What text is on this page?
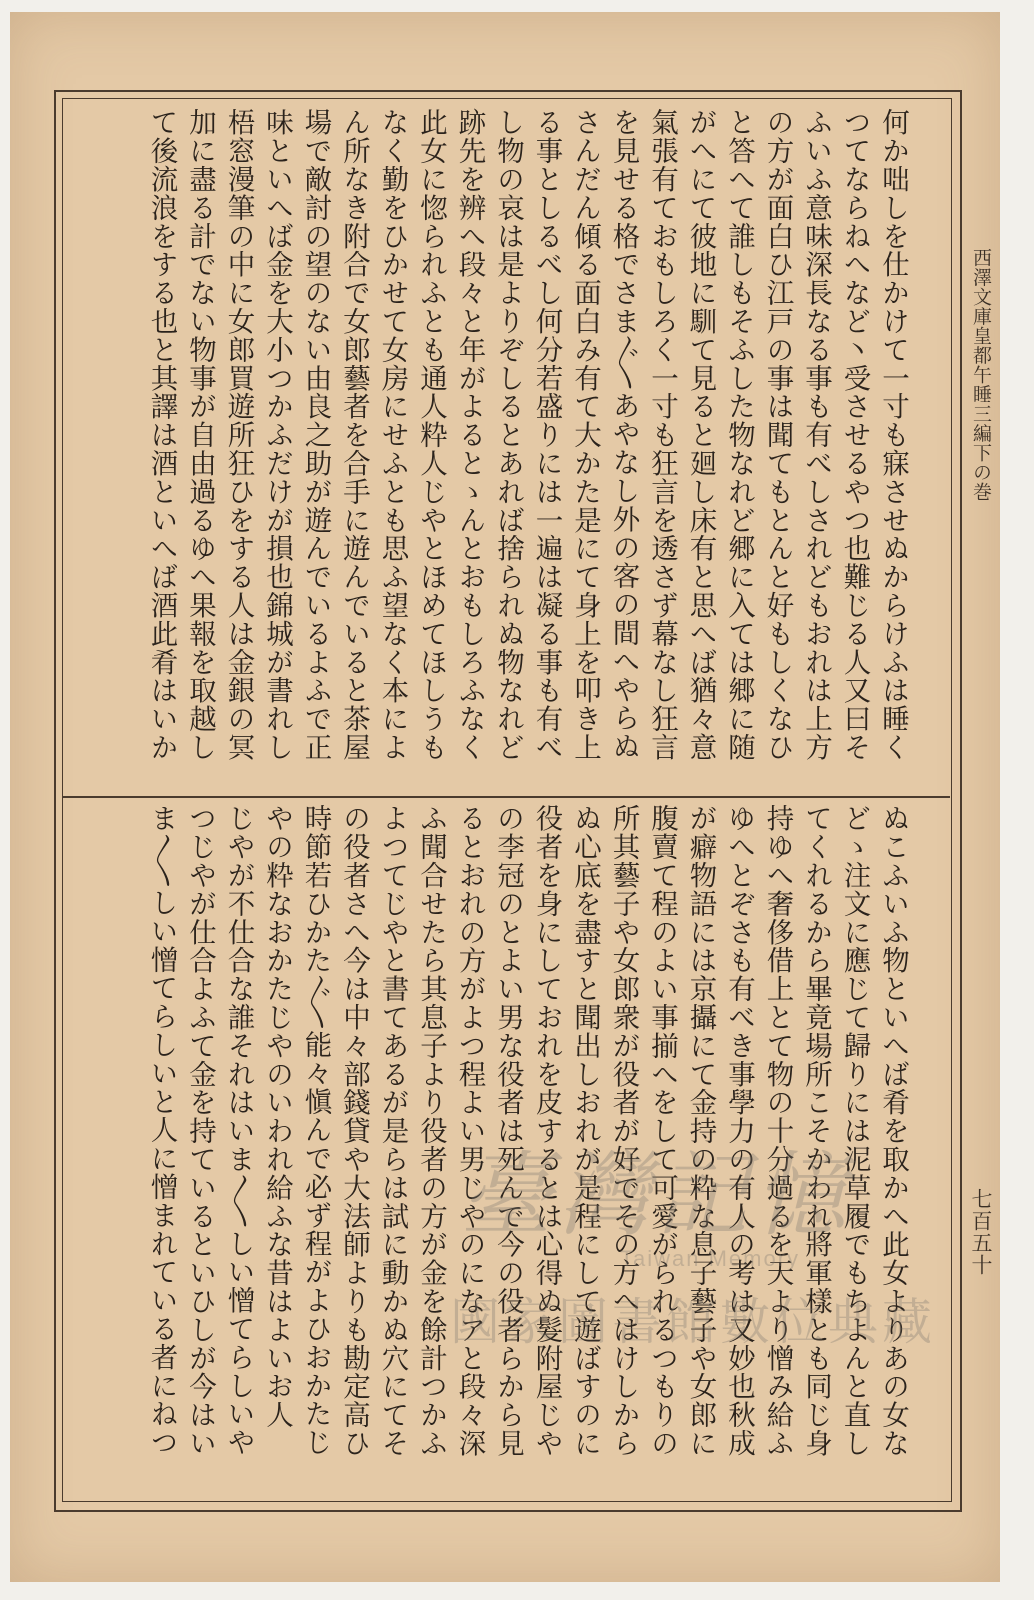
何か咄しを仕かけて一寸も寐させぬからけふは睡く
つてならねへなど丶受させるやつ也難じる人又曰そ
ふいふ意味深長なる事も有べしされどもおれは上方
の方が面白ひ江戸の事は聞てもとんと好もしくなひ
と答へて誰しもそふした物なれど郷に入ては郷に随
がへにて彼地に馴て見ると廻し床有と思へば猶々意
氣張有ておもしろく一寸も狂言を透さず幕なし狂言
を見せる格でさま〴〵あやなし外の客の間へやらぬ
さんだん傾る面白み有て大かた是にて身上を叩き上
る事としるべし何分若盛りには一遍は凝る事も有べ
し物の哀は是よりぞしるとあれば捨られぬ物なれど
跡先を辨へ段々と年がよるとゝんとおもしろふなく
此女に惚られふとも通人粋人じやとほめてほしうも
なく勤をひかせて女房にせふとも思ふ望なく本によ
ん所なき附合で女郎藝者を合手に遊んでいると茶屋
場で敵討の望のない由良之助が遊んでいるよふで正
味といへば金を大小つかふだけが損也錦城が書れし
梧窓漫筆の中に女郎買遊所狂ひをする人は金銀の冥
加に盡る計でない物事が自由過るゆへ果報を取越し
て後流浪をする也と其譯は酒といへば酒此肴はいか
ぬこふいふ物といへば肴を取かへ此女よりあの女な
どゝ注文に應じて歸りには泥草履でもちよんと直し
てくれるから畢竟場所こそかわれ將軍樣とも同じ身
持ゆへ奢侈借上とて物の十分過るを天より憎み給ふ
ゆへとぞさも有べき事學力の有人の考は又妙也秋成
が癖物語には京攝にて金持の粋な息子藝子や女郎に
腹賣て程のよい事揃へをして可愛がられるつもりの
所其藝子や女郎衆が役者が好でその方へはけしから
ぬ心底を盡すと聞出しおれが是程にして遊ばすのに
役者を身にしておれを皮するとは心得ぬ髮附屋じや
の李冠のとよい男な役者は死んで今の役者らから見
るとおれの方がよつ程よい男じやのになアと段々深
ふ聞合せたら其息子より役者の方が金を餘計つかふ
よつてじやと書てあるが是らは試に動かぬ穴にてそ
の役者さへ今は中々部錢貸や大法師よりも勘定高ひ
時節若ひかた〴〵能々愼んで必ず程がよひおかたじ
やの粋なおかたじやのいわれ給ふな昔はよいお人
じやが不仕合な誰それはいま〳〵しい憎てらしいや
つじやが仕合よふて金を持ているといひしが今はい
ま〳〵しい憎てらしいと人に憎まれている者にねつ
西澤文庫皇都午睡三編下の巻
七百五十
臺灣記憶
Taiwan Memory
國家圖書館數位典藏
